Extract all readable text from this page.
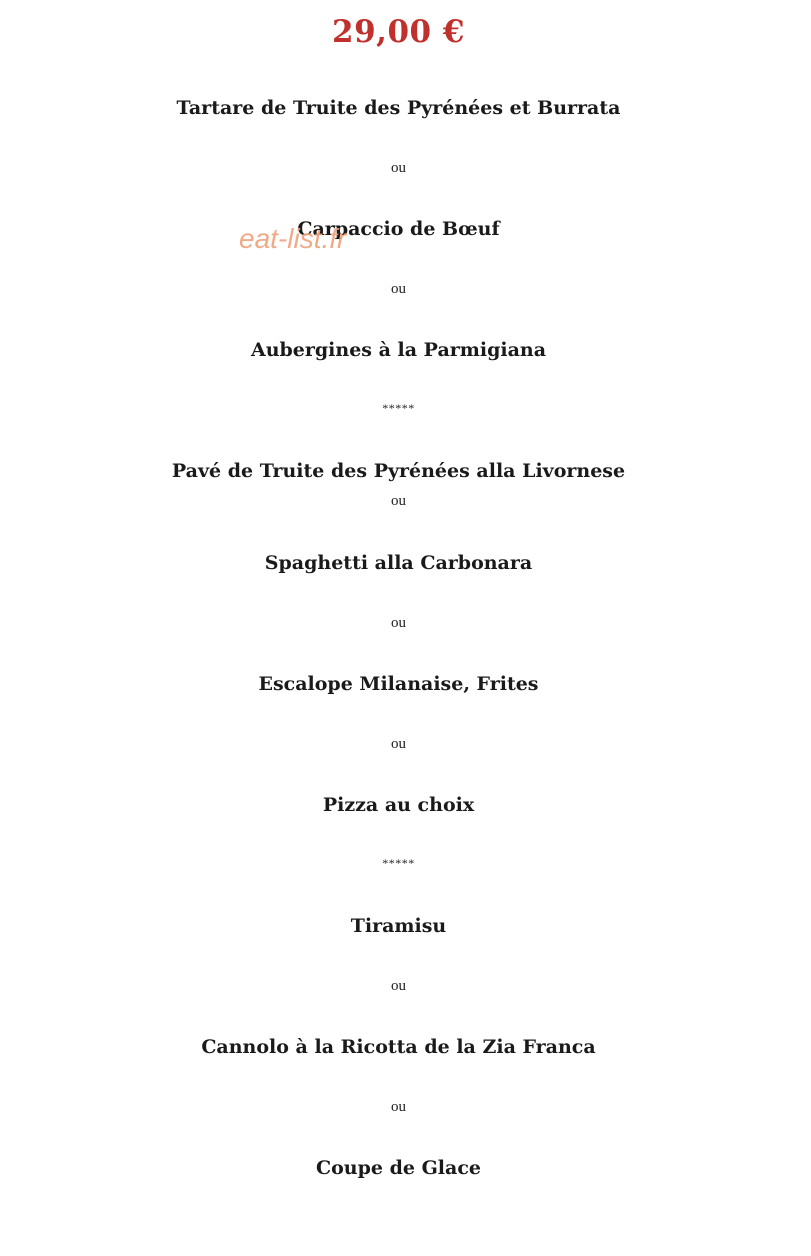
29,00 €
Tartare de Truite des Pyrénées et Burrata
ou
Carpaccio de Bœuf
ou
Aubergines à la Parmigiana
*****
Pavé de Truite des Pyrénées alla Livornese
ou
Spaghetti alla Carbonara
ou
Escalope Milanaise, Frites
ou
Pizza au choix
*****
Tiramisu
ou
Cannolo à la Ricotta de la Zia Franca
ou
Coupe de Glace
eat-list.fr
